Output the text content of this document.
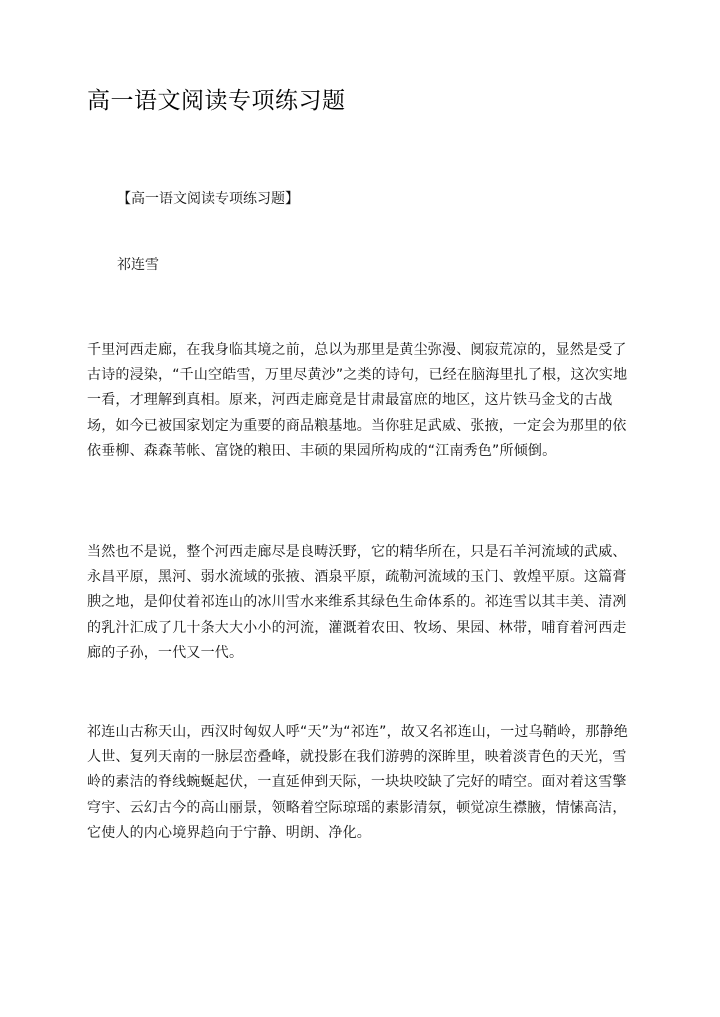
高一语文阅读专项练习题
【高一语文阅读专项练习题】
祁连雪

千里河西走廊，在我身临其境之前，总以为那里是黄尘弥漫、阒寂荒凉的，显然是受了古诗的浸染，“千山空皓雪，万里尽黄沙”之类的诗句，已经在脑海里扎了根，这次实地一看，才理解到真相。原来，河西走廊竟是甘肃最富庶的地区，这片铁马金戈的古战场，如今已被国家划定为重要的商品粮基地。当你驻足武威、张掖，一定会为那里的依依垂柳、森森苇帐、富饶的粮田、丰硕的果园所构成的“江南秀色”所倾倒。

当然也不是说，整个河西走廊尽是良畴沃野，它的精华所在，只是石羊河流域的武威、永昌平原，黑河、弱水流域的张掖、酒泉平原，疏勒河流域的玉门、敦煌平原。这篇膏腴之地，是仰仗着祁连山的冰川雪水来维系其绿色生命体系的。祁连雪以其丰美、清冽的乳汁汇成了几十条大大小小的河流，灌溉着农田、牧场、果园、林带，哺育着河西走廊的子孙，一代又一代。

祁连山古称天山，西汉时匈奴人呼“天”为“祁连”，故又名祁连山，一过乌鞘岭，那静绝人世、复列天南的一脉层峦叠峰，就投影在我们游骋的深眸里，映着淡青色的天光，雪岭的素洁的脊线蜿蜒起伏，一直延伸到天际，一块块咬缺了完好的晴空。面对着这雪擎穹宇、云幻古今的高山丽景，领略着空际琼瑶的素影清氛，顿觉凉生襟腋，情愫高洁，它使人的内心境界趋向于宁静、明朗、净化。
